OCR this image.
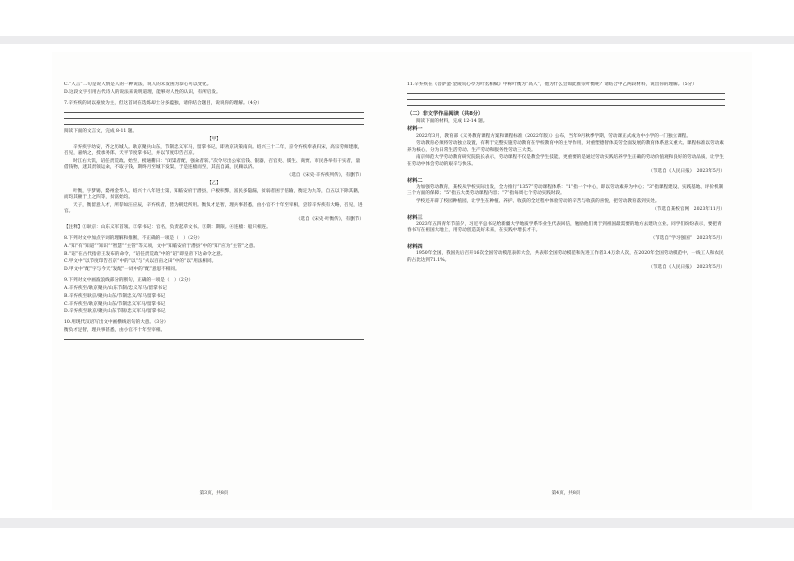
C.“人言”二句是说人情是人的一种说法，说人的未发困为恭心可以变化。

D.这段文字引用古代诗人的说法来说明道理，能够对人性的认识，有所启发。

7.辛弃疾的词以豪放为主，但这首词在选炼却士分多蕴独，请你结合题目，说说你的理解。（4分）

阅读下面的文言文，完成 8-11 题。

【甲】

辛弃疾字幼安，齐之历城人。耿京聚兵山东，节制忠义军马，留掌书记，即劝京决策南向。绍兴三十二年，京令弃疾奉表归宋，高宗劳师建康，召见，嘉纳之，授承务郎、天平节度掌书记，并以节度印告召京。

时江右大饥，诏任责荒政。始至，榜通衢曰：“闭粜者配，强籴者斩。”次令尽出公家官钱、银器，召官吏、儒生、商贾、市民各举有干实者，量借钱物，逮其责领运籴，不取子钱，期终月至城下发粜，于是连樯而至，其直自减，民赖以济。

（选自《宋史·辛弃疾列传》，有删节）

【乙】

叶衡，字梦锡，婺州金华人。绍兴十八年进士第，知临安府于潜县，户板积弊，富民多隐漏，贫弱者困于倍输，衡定为九等，自五以下除其籍，而均其额于上之四等，贫富始均。

天子，衡留意人才，所荐如汪应辰，辛弃疾者，皆为朝廷所用。衡负才足智，理兵事甚悉，由小官不十年至宰相，尝荐辛弃疾有大略，召见，进官。

（选自《宋史·叶衡传》，有删节）

【注释】①耿京：山东义军首领。②掌书记：官名，负责起草文书。③期：期限。④连樯：船只相连。

8.下列对文中加点字词的理解和推断，不正确的一项是（　）（2分）

A.“知”有“知道”“知识”“智慧”“主管”等义项，文中“知临安府于潜县”中的“知”应为“主管”之意。

B.“诏”在古代指帝王发布的命令，“诏任责荒政”中的“诏”即皇帝下达命令之意。

C.甲文中“以节度印告召京”中的“以”与“夫以百亩之田”中的“以”用法相同。

D.甲文中“配”字与今天“发配”一词中的“配”意思不相同。

9.下列对文中画波浪线部分的断句，正确的一项是（　）（2分）

A.辛弃疾至/耿京聚兵/山东节制/忠义军马/留掌书记

B.辛弃疾至耿京/聚兵山东/节制忠义/军马留掌书记

C.辛弃疾至/耿京聚兵山东/节制忠义军马/留掌书记

D.辛弃疾至耿京/聚兵山东节制/忠义军马/留掌书记

10.用现代汉语写出文中画横线语句的大意。（3分）

衡负才足智，理兵事甚悉，由小官不十年至宰相。

第3页，共8页

11.辛弃疾在《菩萨蛮·金陵赏心亭为叶丞相赋》中称叶衡为“高人”，他为什么会如此推崇叶衡呢？请结合甲乙两段材料，说出你的理解。（5分）

（二）非文学作品阅读（共8分）

阅读下面的材料，完成 12-14 题。

材料一

2022年3月，教育部《义务教育课程方案和课程标准（2022年版）》公布，当年9月秋季学期，劳动课正式成为中小学的一门独立课程。

劳动教育必须将劳动独立设置，有利于完整实施劳动教育在学校教育中的主导作用，对重塑德智体美劳全面发展的教育体系意义重大。课程标准以劳动素养为核心，分为日常生活劳动、生产劳动和服务性劳动三大类。

南京师范大学劳动教育研究院院长表示，劳动课程不仅是教会学生技能，更重要的是通过劳动实践培养学生正确的劳动价值观和良好的劳动品质，让学生在劳动中体会劳动的艰辛与快乐。

（节选自《人民日报》　2023年5月）

材料二

为加强劳动教育，某校从学校实际出发，全力推行“1357”劳动课程体系：“1”指一个中心，即以劳动素养为中心；“3”指课程建设、实践基地、评价机制三个方面的保障；“5”指五大类劳动课程内容；“7”指每周七个劳动实践时段。

学校还开辟了校园种植园，让学生在种植、养护、收获的全过程中体验劳动的辛苦与收获的喜悦，把劳动教育落到实处。

（节选自某校官网　2023年11月）

材料三

2023年五四青年节前夕，习近平总书记给新疆大学地质学系毕业生代表回信，勉励他们勇于到祖国最需要的地方去建功立业。同学们纷纷表示，要把青春书写在祖国大地上，用劳动创造美好未来，在实践中增长才干。

（节选自“学习强国”　2023年5月）

材料四

1950年全国，我国先后召开16次全国劳动模范表彰大会，共表彰全国劳动模范和先进工作者3.4万余人次，在2020年全国劳动模范中，一线工人和农民的占比达到71.1%。

（节选自《人民日报》　2023年5月）

第4页，共8页
